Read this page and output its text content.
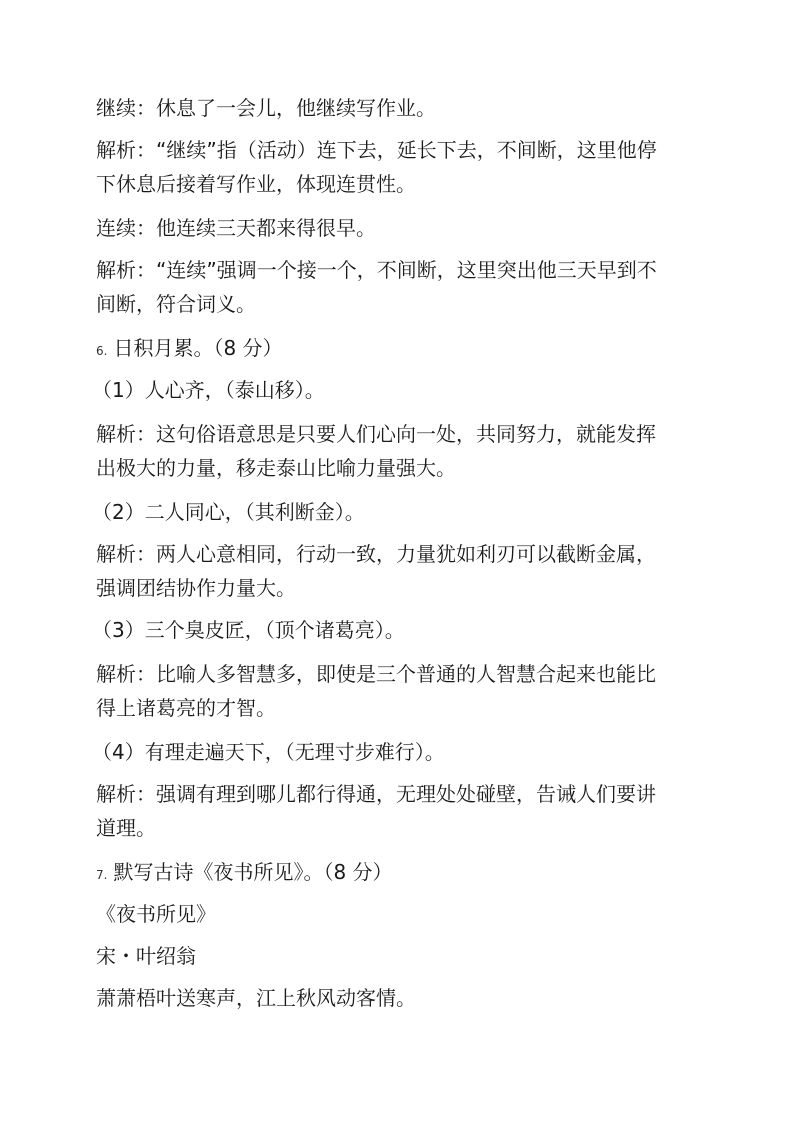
继续：休息了一会儿，他继续写作业。
解析：“继续”指（活动）连下去，延长下去，不间断，这里他停
下休息后接着写作业，体现连贯性。
连续：他连续三天都来得很早。
解析：“连续”强调一个接一个，不间断，这里突出他三天早到不
间断，符合词义。
6. 日积月累。（8 分）
（1）人心齐，（泰山移）。
解析：这句俗语意思是只要人们心向一处，共同努力，就能发挥
出极大的力量，移走泰山比喻力量强大。
（2）二人同心，（其利断金）。
解析：两人心意相同，行动一致，力量犹如利刃可以截断金属，
强调团结协作力量大。
（3）三个臭皮匠，（顶个诸葛亮）。
解析：比喻人多智慧多，即使是三个普通的人智慧合起来也能比
得上诸葛亮的才智。
（4）有理走遍天下，（无理寸步难行）。
解析：强调有理到哪儿都行得通，无理处处碰壁，告诫人们要讲
道理。
7. 默写古诗《夜书所见》。（8 分）
《夜书所见》
宋・叶绍翁
萧萧梧叶送寒声，江上秋风动客情。
